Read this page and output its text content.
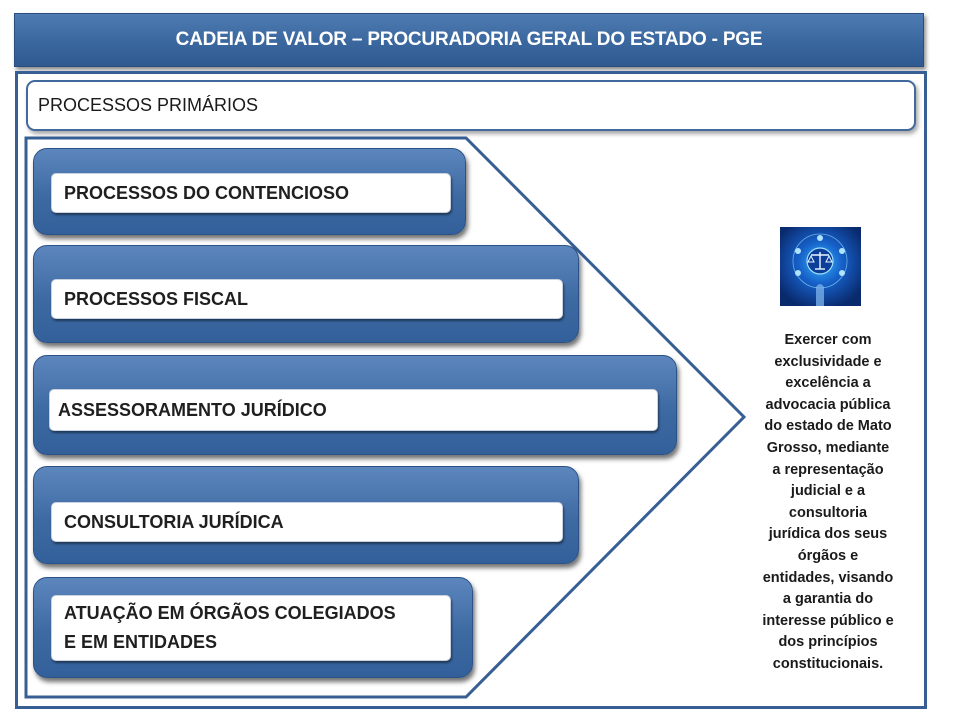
CADEIA DE VALOR – PROCURADORIA GERAL DO ESTADO - PGE
PROCESSOS PRIMÁRIOS
PROCESSOS DO CONTENCIOSO
PROCESSOS FISCAL
ASSESSORAMENTO JURÍDICO
CONSULTORIA JURÍDICA
ATUAÇÃO EM ÓRGÃOS COLEGIADOS
E EM ENTIDADES
Exercer com
exclusividade e
excelência a
advocacia pública
do estado de Mato
Grosso, mediante
a representação
judicial e a
consultoria
jurídica dos seus
órgãos e
entidades, visando
a garantia do
interesse público e
dos princípios
constitucionais.
